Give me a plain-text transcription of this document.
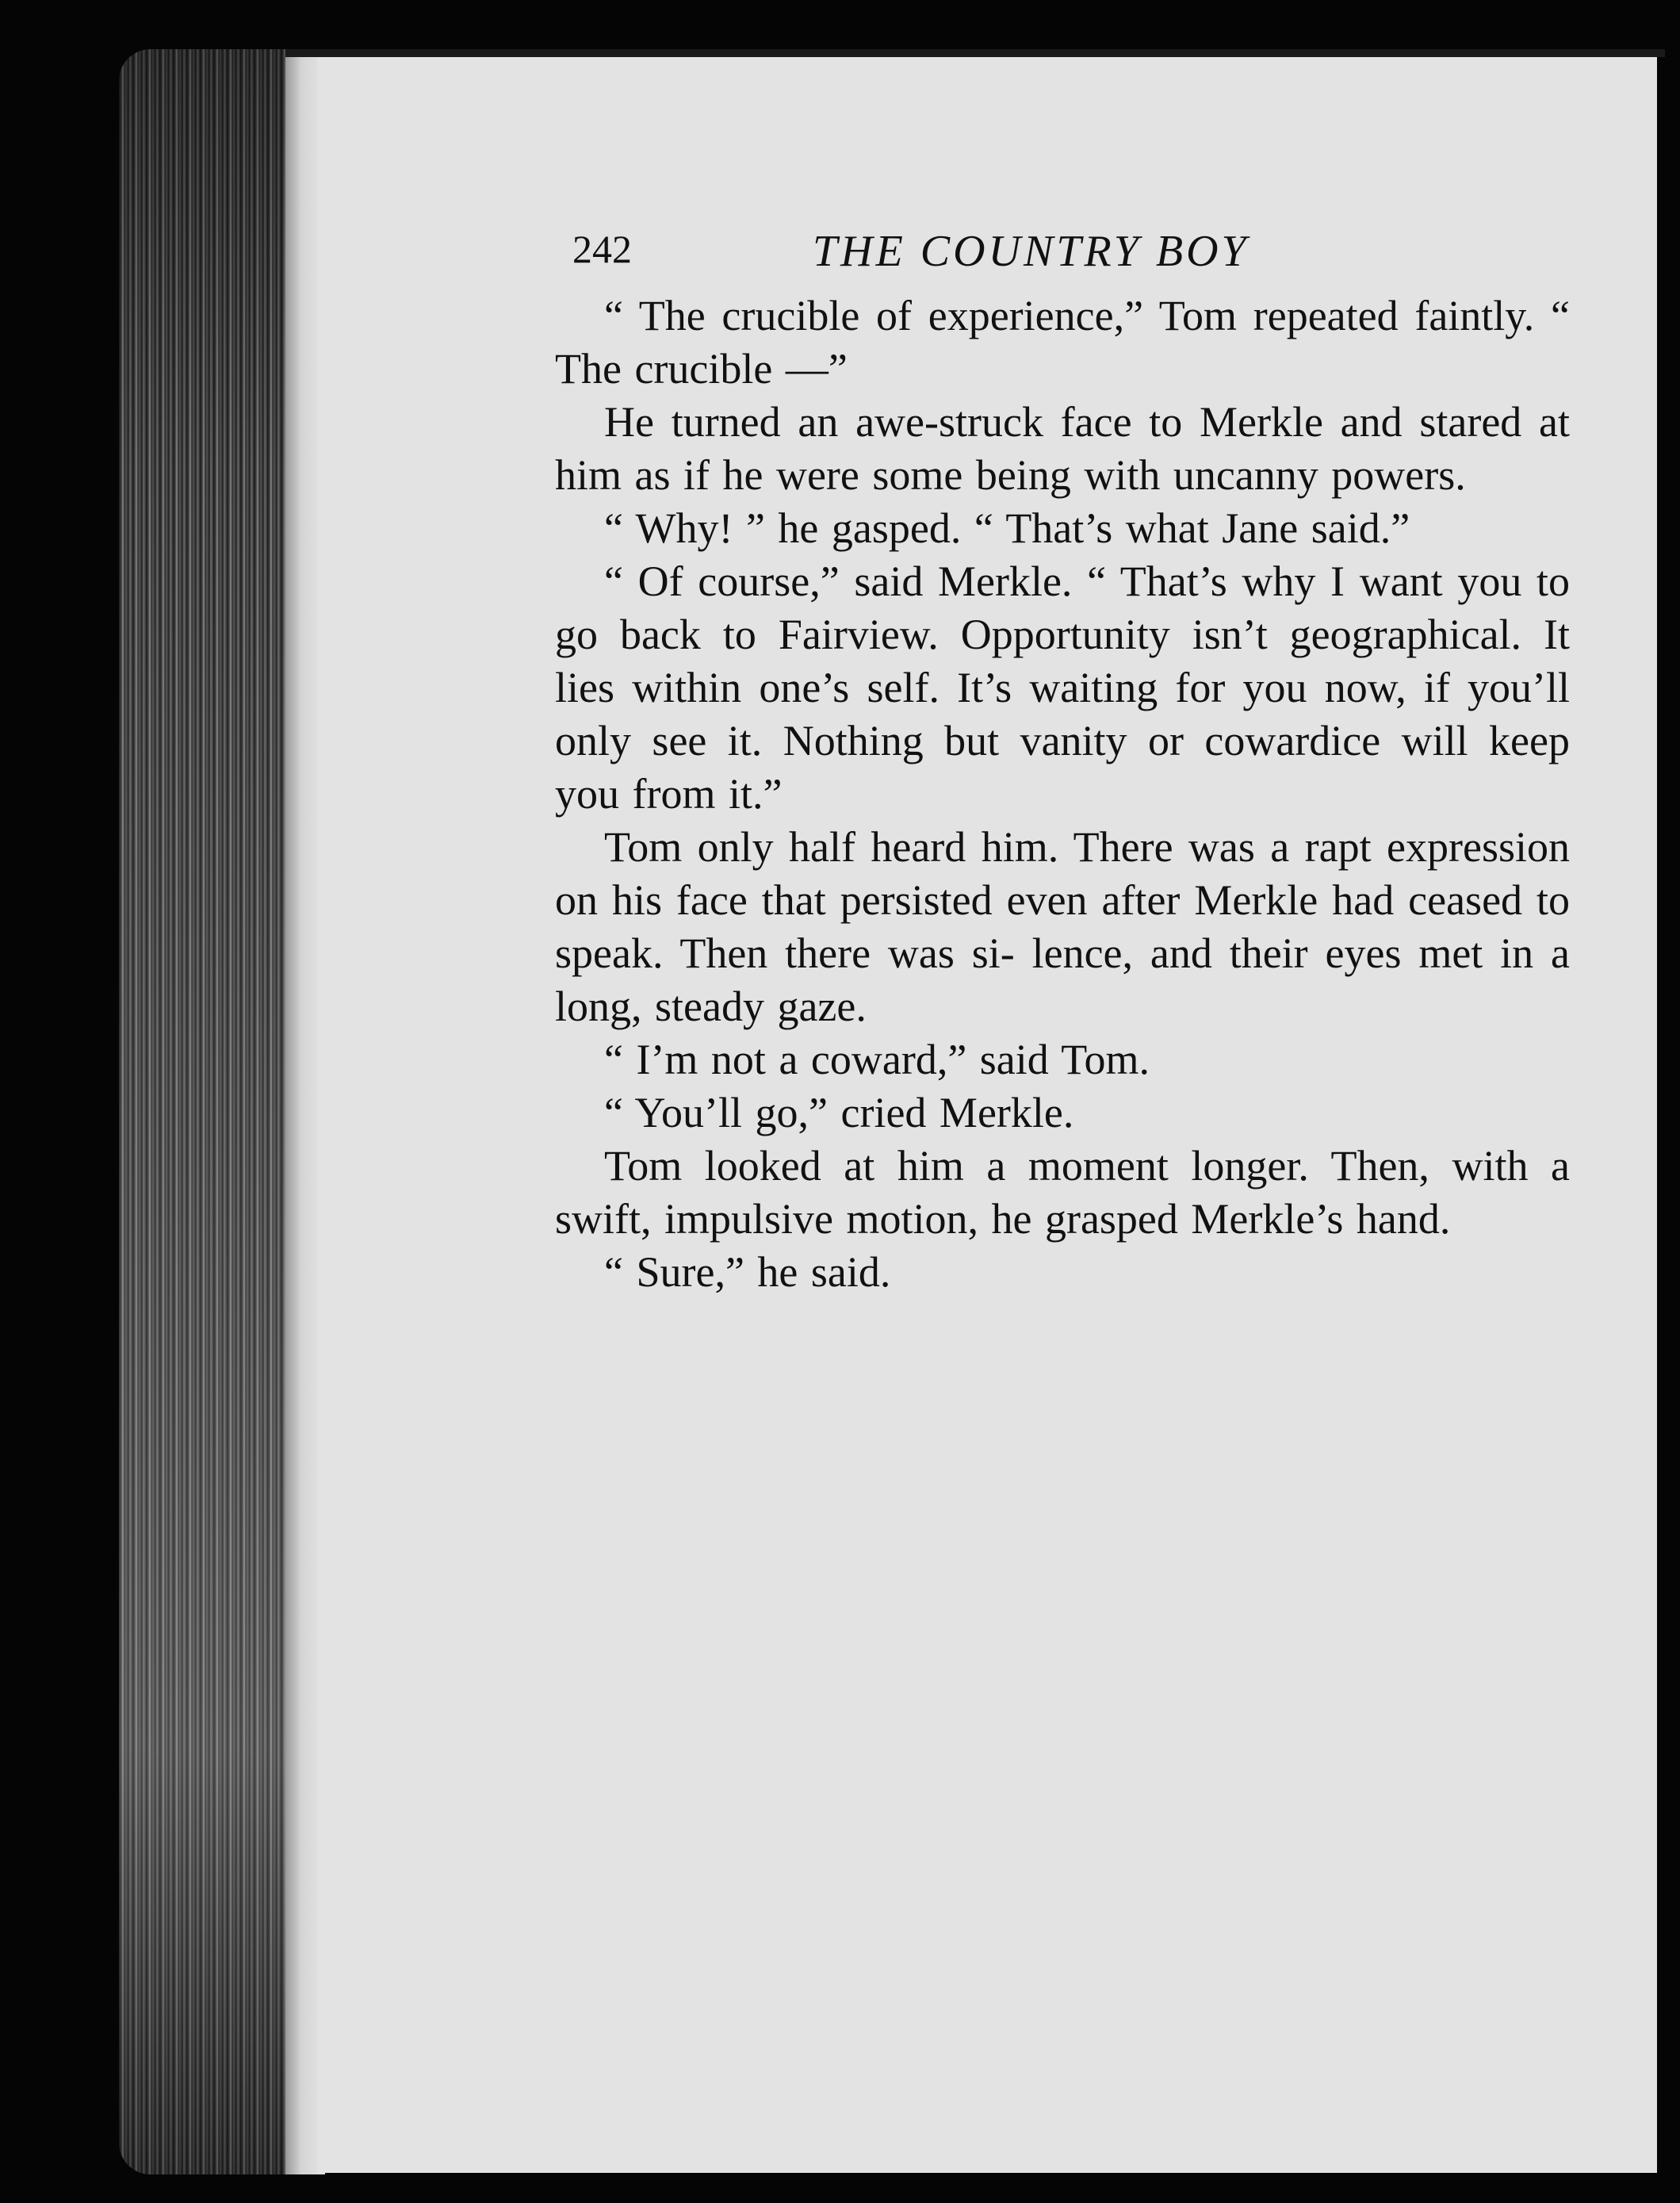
242	THE COUNTRY BOY

“ The crucible of experience,” Tom repeated faintly. “ The crucible —”

He turned an awe-struck face to Merkle and stared at him as if he were some being with uncanny powers.

“ Why! ” he gasped. “ That’s what Jane said.”

“ Of course,” said Merkle. “ That’s why I want you to go back to Fairview. Opportunity isn’t geographical. It lies within one’s self. It’s waiting for you now, if you’ll only see it. Nothing but vanity or cowardice will keep you from it.”

Tom only half heard him. There was a rapt expression on his face that persisted even after Merkle had ceased to speak. Then there was si- lence, and their eyes met in a long, steady gaze.

“ I’m not a coward,” said Tom.

“ You’ll go,” cried Merkle.

Tom looked at him a moment longer. Then, with a swift, impulsive motion, he grasped Merkle’s hand.

“ Sure,” he said.
